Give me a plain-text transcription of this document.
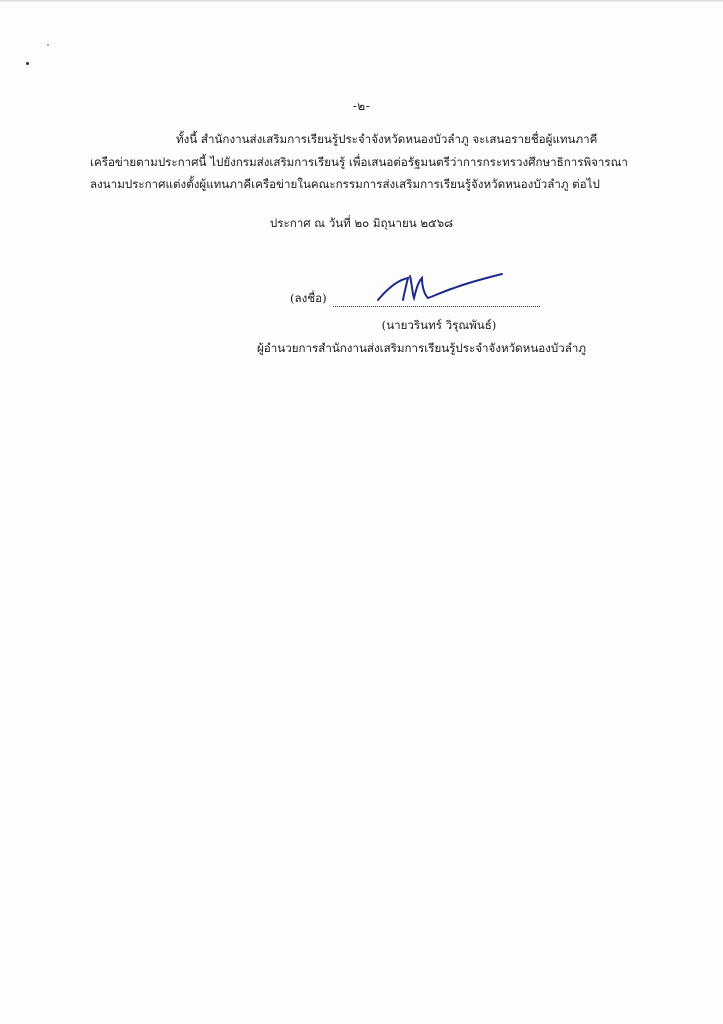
-๒-
ทั้งนี้ สำนักงานส่งเสริมการเรียนรู้ประจำจังหวัดหนองบัวลำภู จะเสนอรายชื่อผู้แทนภาคี
เครือข่ายตามประกาศนี้ ไปยังกรมส่งเสริมการเรียนรู้ เพื่อเสนอต่อรัฐมนตรีว่าการกระทรวงศึกษาธิการพิจารณา
ลงนามประกาศแต่งตั้งผู้แทนภาคีเครือข่ายในคณะกรรมการส่งเสริมการเรียนรู้จังหวัดหนองบัวลำภู ต่อไป
ประกาศ ณ วันที่ ๒๐ มิถุนายน ๒๕๖๘
(ลงชื่อ)
(นายวรินทร์ วิรุณพันธ์)
ผู้อำนวยการสำนักงานส่งเสริมการเรียนรู้ประจำจังหวัดหนองบัวลำภู
